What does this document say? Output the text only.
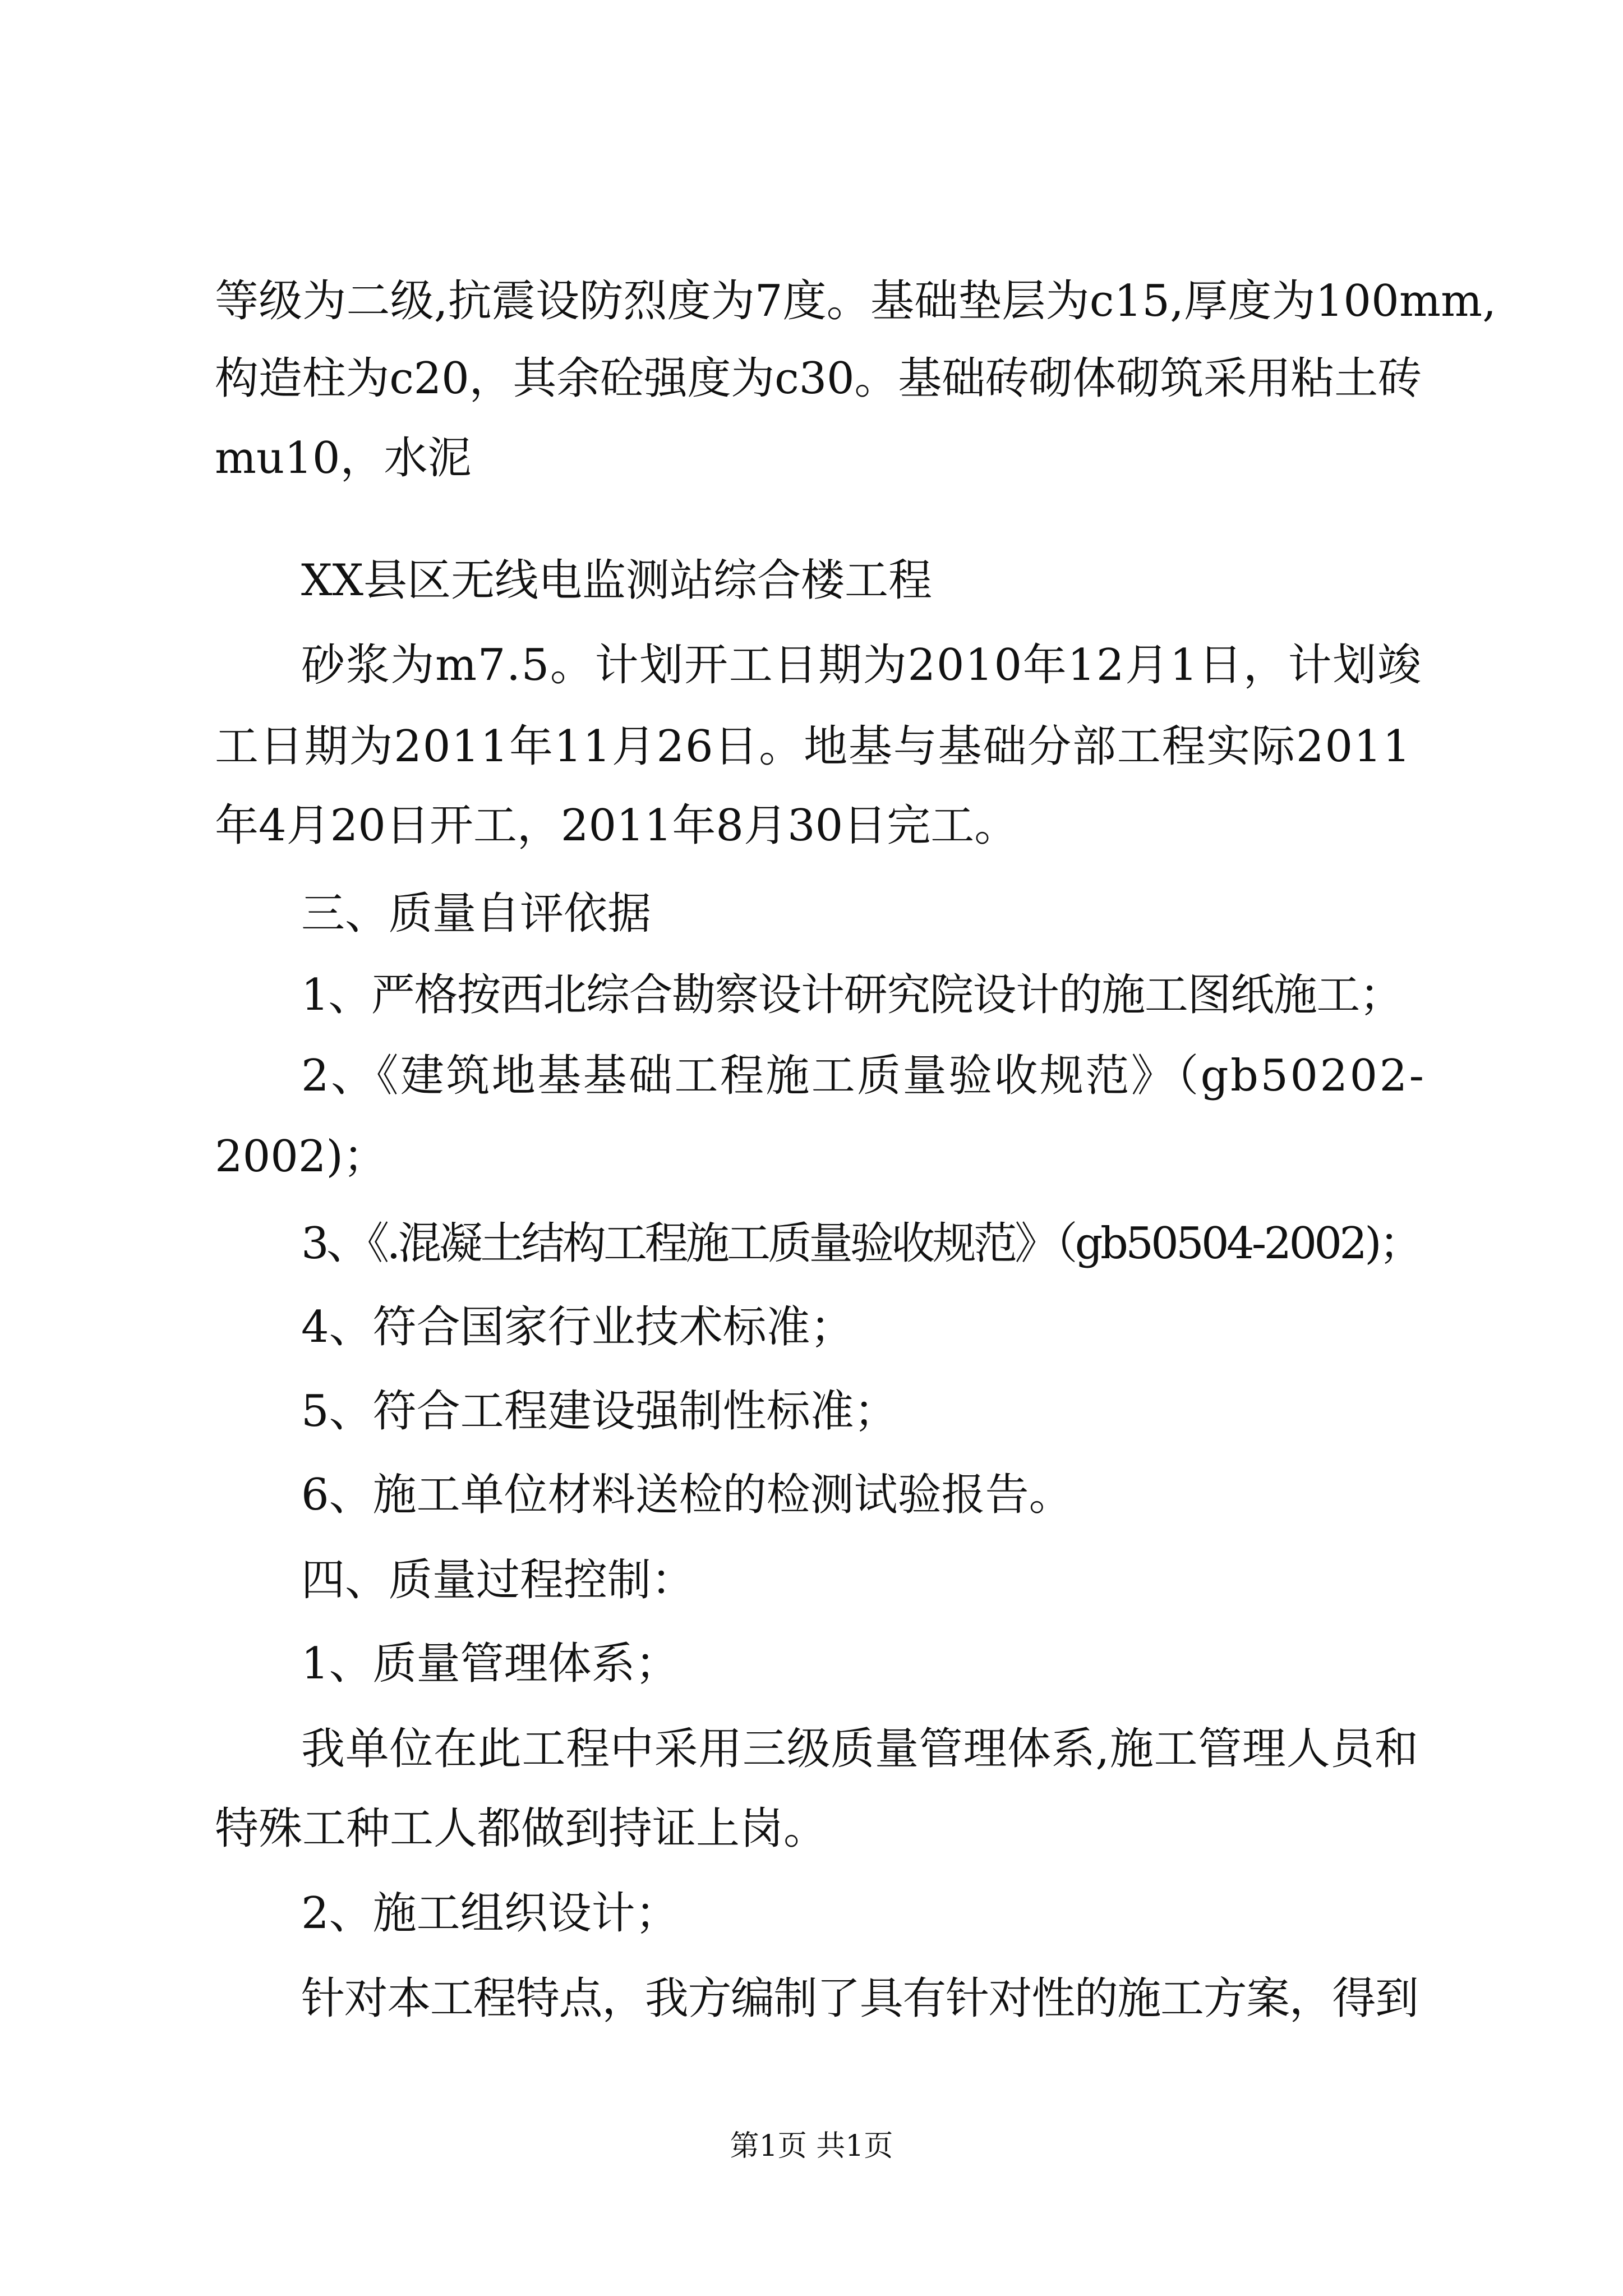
等级为二级,抗震设防烈度为7度。基础垫层为c15,厚度为100mm,
构造柱为c20，其余砼强度为c30。基础砖砌体砌筑采用粘土砖
mu10，水泥
XX县区无线电监测站综合楼工程
砂浆为m7.5。计划开工日期为2010年12月1日，计划竣
工日期为2011年11月26日。地基与基础分部工程实际2011
年4月20日开工，2011年8月30日完工。
三、质量自评依据
1、严格按西北综合勘察设计研究院设计的施工图纸施工；
2、《建筑地基基础工程施工质量验收规范》（gb50202-
2002)；
3、《.混凝土结构工程施工质量验收规范》（gb50504-2002)；
4、符合国家行业技术标准；
5、符合工程建设强制性标准；
6、施工单位材料送检的检测试验报告。
四、质量过程控制：
1、质量管理体系；
我单位在此工程中采用三级质量管理体系,施工管理人员和
特殊工种工人都做到持证上岗。
2、施工组织设计；
针对本工程特点，我方编制了具有针对性的施工方案，得到
第1页 共1页
